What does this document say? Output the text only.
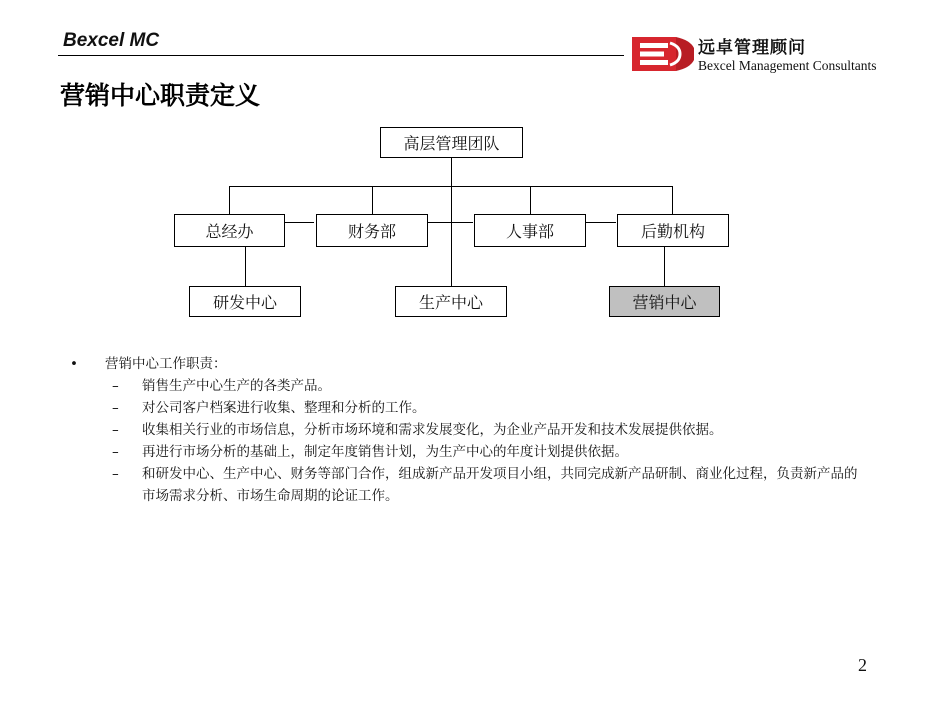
Bexcel MC	远卓管理顾问
Bexcel Management Consultants
营销中心职责定义
高层管理团队
总经办	财务部	人事部	后勤机构
研发中心	生产中心	营销中心
• 营销中心工作职责：
– 销售生产中心生产的各类产品。
– 对公司客户档案进行收集、整理和分析的工作。
– 收集相关行业的市场信息，分析市场环境和需求发展变化，为企业产品开发和技术发展提供依据。
– 再进行市场分析的基础上，制定年度销售计划，为生产中心的年度计划提供依据。
– 和研发中心、生产中心、财务等部门合作，组成新产品开发项目小组，共同完成新产品研制、商业化过程，负责新产品的市场需求分析、市场生命周期的论证工作。
2
